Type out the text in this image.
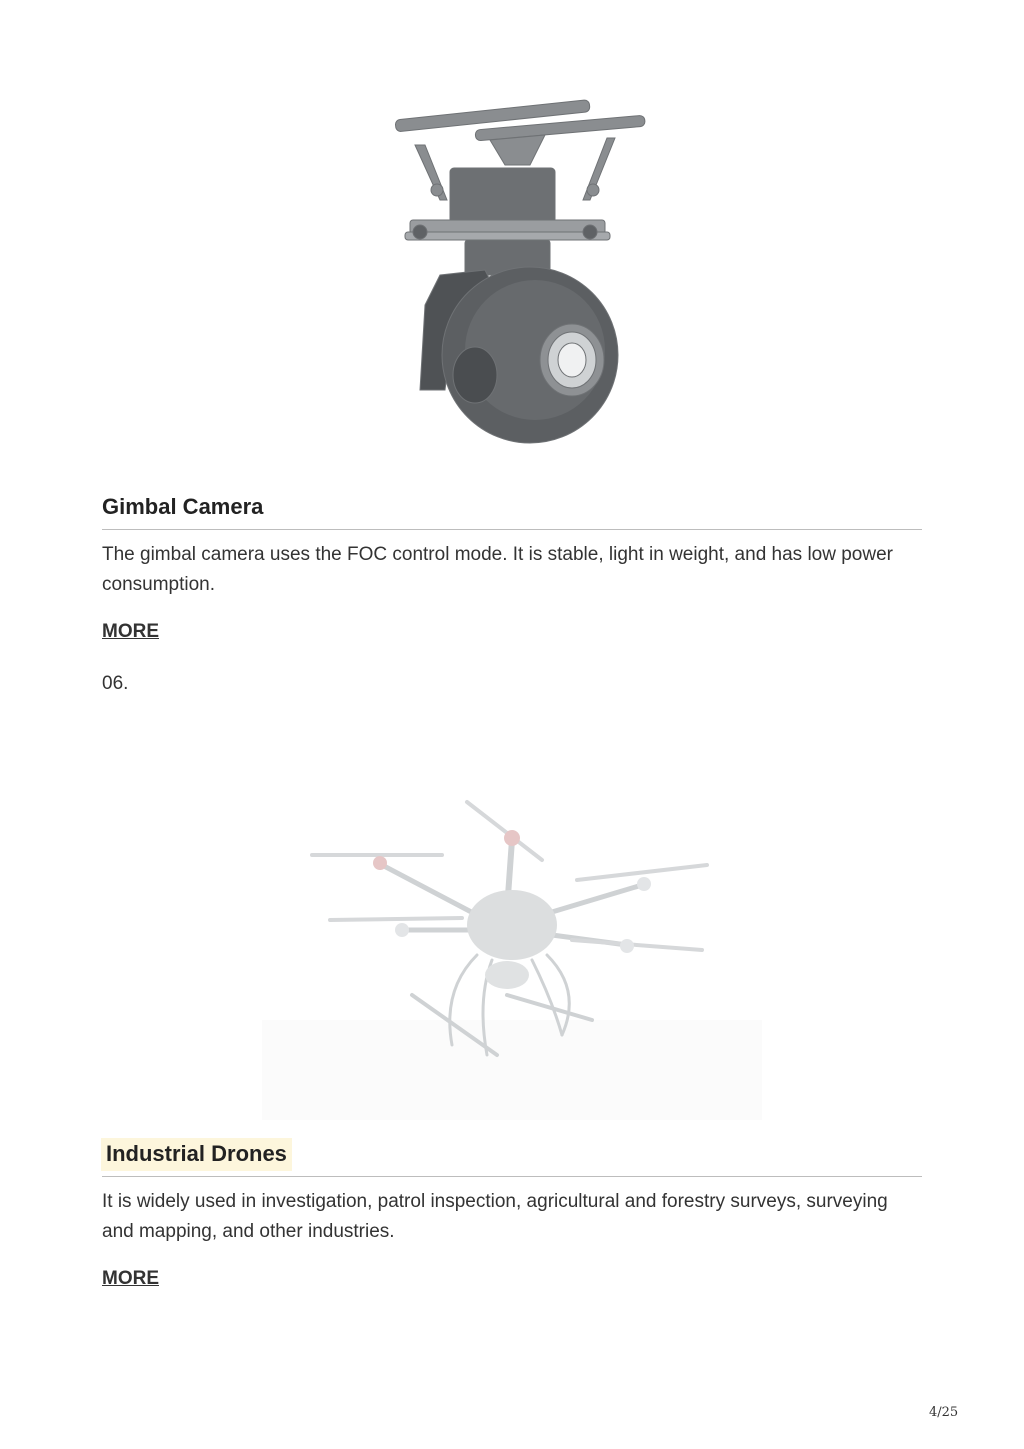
Gimbal Camera

The gimbal camera uses the FOC control mode. It is stable, light in weight, and has low power consumption.

MORE
06.
Industrial Drones

It is widely used in investigation, patrol inspection, agricultural and forestry surveys, surveying and mapping, and other industries.

MORE
4/25
